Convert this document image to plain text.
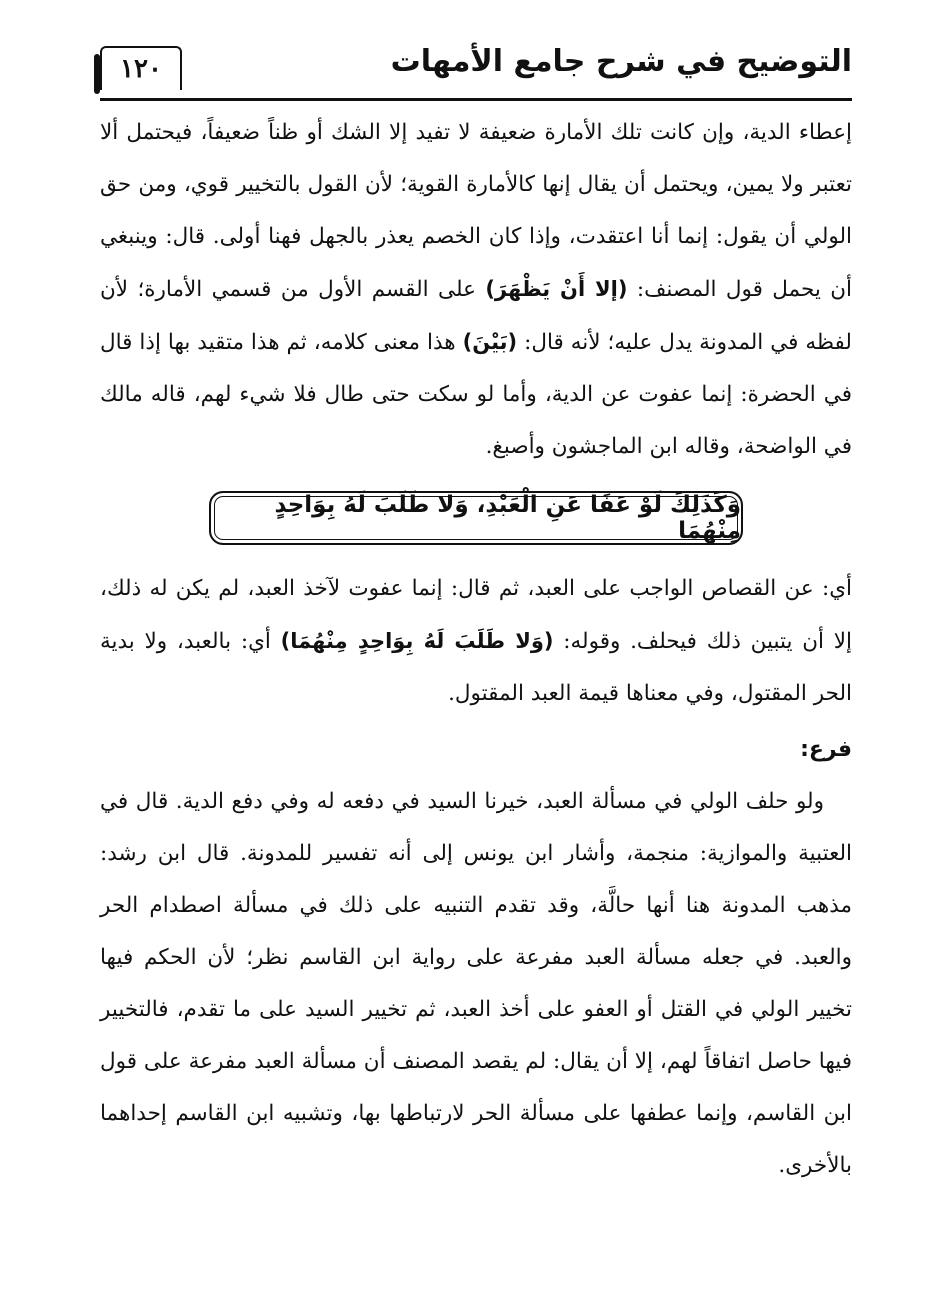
التوضيح في شرح جامع الأمهات
١٢٠

إعطاء الدية، وإن كانت تلك الأمارة ضعيفة لا تفيد إلا الشك أو ظناً ضعيفاً، فيحتمل ألا تعتبر ولا يمين، ويحتمل أن يقال إنها كالأمارة القوية؛ لأن القول بالتخيير قوي، ومن حق الولي أن يقول: إنما أنا اعتقدت، وإذا كان الخصم يعذر بالجهل فهنا أولى. قال: وينبغي أن يحمل قول المصنف: (إلا أَنْ يَظْهَرَ) على القسم الأول من قسمي الأمارة؛ لأن لفظه في المدونة يدل عليه؛ لأنه قال: (بَيْنَ) هذا معنى كلامه، ثم هذا متقيد بها إذا قال في الحضرة: إنما عفوت عن الدية، وأما لو سكت حتى طال فلا شيء لهم، قاله مالك في الواضحة، وقاله ابن الماجشون وأصبغ.

وَكَذَلِكَ لَوْ عَفَا عَنِ الْعَبْدِ، وَلا طَلَبَ لَهُ بِوَاحِدٍ مِنْهُمَا

أي: عن القصاص الواجب على العبد، ثم قال: إنما عفوت لآخذ العبد، لم يكن له ذلك، إلا أن يتبين ذلك فيحلف. وقوله: (وَلا طَلَبَ لَهُ بِوَاحِدٍ مِنْهُمَا) أي: بالعبد، ولا بدية الحر المقتول، وفي معناها قيمة العبد المقتول.

فرع:

ولو حلف الولي في مسألة العبد، خيرنا السيد في دفعه له وفي دفع الدية. قال في العتبية والموازية: منجمة، وأشار ابن يونس إلى أنه تفسير للمدونة. قال ابن رشد: مذهب المدونة هنا أنها حالَّة، وقد تقدم التنبيه على ذلك في مسألة اصطدام الحر والعبد. في جعله مسألة العبد مفرعة على رواية ابن القاسم نظر؛ لأن الحكم فيها تخيير الولي في القتل أو العفو على أخذ العبد، ثم تخيير السيد على ما تقدم، فالتخيير فيها حاصل اتفاقاً لهم، إلا أن يقال: لم يقصد المصنف أن مسألة العبد مفرعة على قول ابن القاسم، وإنما عطفها على مسألة الحر لارتباطها بها، وتشبيه ابن القاسم إحداهما بالأخرى.
